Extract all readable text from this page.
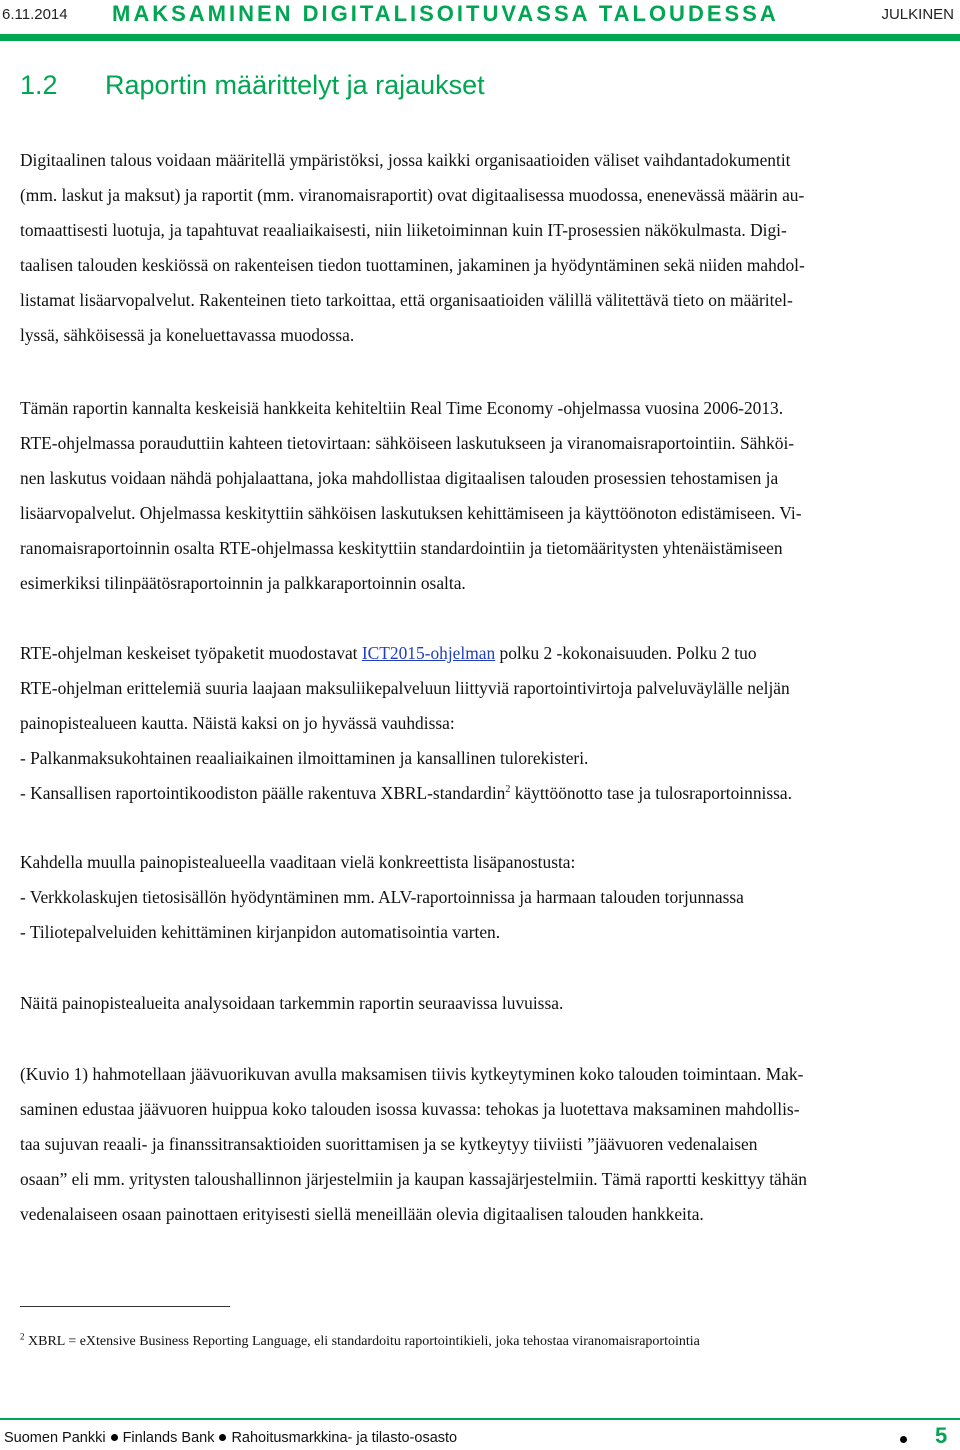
6.11.2014 MAKSAMINEN DIGITALISOITUVASSA TALOUDESSA	JULKINEN
1.2 Raportin määrittelyt ja rajaukset
Digitaalinen talous voidaan määritellä ympäristöksi, jossa kaikki organisaatioiden väliset vaihdantadokumentit
(mm. laskut ja maksut) ja raportit (mm. viranomaisraportit) ovat digitaalisessa muodossa, enenevässä määrin au-
tomaattisesti luotuja, ja tapahtuvat reaaliaikaisesti, niin liiketoiminnan kuin IT-prosessien näkökulmasta. Digi-
taalisen talouden keskiössä on rakenteisen tiedon tuottaminen, jakaminen ja hyödyntäminen sekä niiden mahdol-
listamat lisäarvopalvelut. Rakenteinen tieto tarkoittaa, että organisaatioiden välillä välitettävä tieto on määritel-
lyssä, sähköisessä ja koneluettavassa muodossa.
Tämän raportin kannalta keskeisiä hankkeita kehiteltiin Real Time Economy -ohjelmassa vuosina 2006-2013.
RTE-ohjelmassa porauduttiin kahteen tietovirtaan: sähköiseen laskutukseen ja viranomaisraportointiin. Sähköi-
nen laskutus voidaan nähdä pohjalaattana, joka mahdollistaa digitaalisen talouden prosessien tehostamisen ja
lisäarvopalvelut. Ohjelmassa keskityttiin sähköisen laskutuksen kehittämiseen ja käyttöönoton edistämiseen. Vi-
ranomaisraportoinnin osalta RTE-ohjelmassa keskityttiin standardointiin ja tietomääritysten yhtenäistämiseen
esimerkiksi tilinpäätösraportoinnin ja palkkaraportoinnin osalta.
RTE-ohjelman keskeiset työpaketit muodostavat ICT2015-ohjelman polku 2 -kokonaisuuden. Polku 2 tuo
RTE-ohjelman erittelemiä suuria laajaan maksuliikepalveluun liittyviä raportointivirtoja palveluväylälle neljän
painopistealueen kautta. Näistä kaksi on jo hyvässä vauhdissa:
- Palkanmaksukohtainen reaaliaikainen ilmoittaminen ja kansallinen tulorekisteri.
- Kansallisen raportointikoodiston päälle rakentuva XBRL-standardin$^2$ käyttöönotto tase ja tulosraportoinnissa.
Kahdella muulla painopistealueella vaaditaan vielä konkreettista lisäpanostusta:
- Verkkolaskujen tietosisällön hyödyntäminen mm. ALV-raportoinnissa ja harmaan talouden torjunnassa
- Tiliotepalveluiden kehittäminen kirjanpidon automatisointia varten.
Näitä painopistealueita analysoidaan tarkemmin raportin seuraavissa luvuissa.
(Kuvio 1) hahmotellaan jäävuorikuvan avulla maksamisen tiivis kytkeytyminen koko talouden toimintaan. Mak-
saminen edustaa jäävuoren huippua koko talouden isossa kuvassa: tehokas ja luotettava maksaminen mahdollis-
taa sujuvan reaali- ja finanssitransaktioiden suorittamisen ja se kytkeytyy tiiviisti ”jäävuoren vedenalaisen
osaan” eli mm. yritysten taloushallinnon järjestelmiin ja kaupan kassajärjestelmiin. Tämä raportti keskittyy tähän
vedenalaiseen osaan painottaen erityisesti siellä meneillään olevia digitaalisen talouden hankkeita.
$^2$ XBRL = eXtensive Business Reporting Language, eli standardoitu raportointikieli, joka tehostaa viranomaisraportointia
Suomen Pankki Finlands Bank Rahoitusmarkkina- ja tilasto-osasto	5
